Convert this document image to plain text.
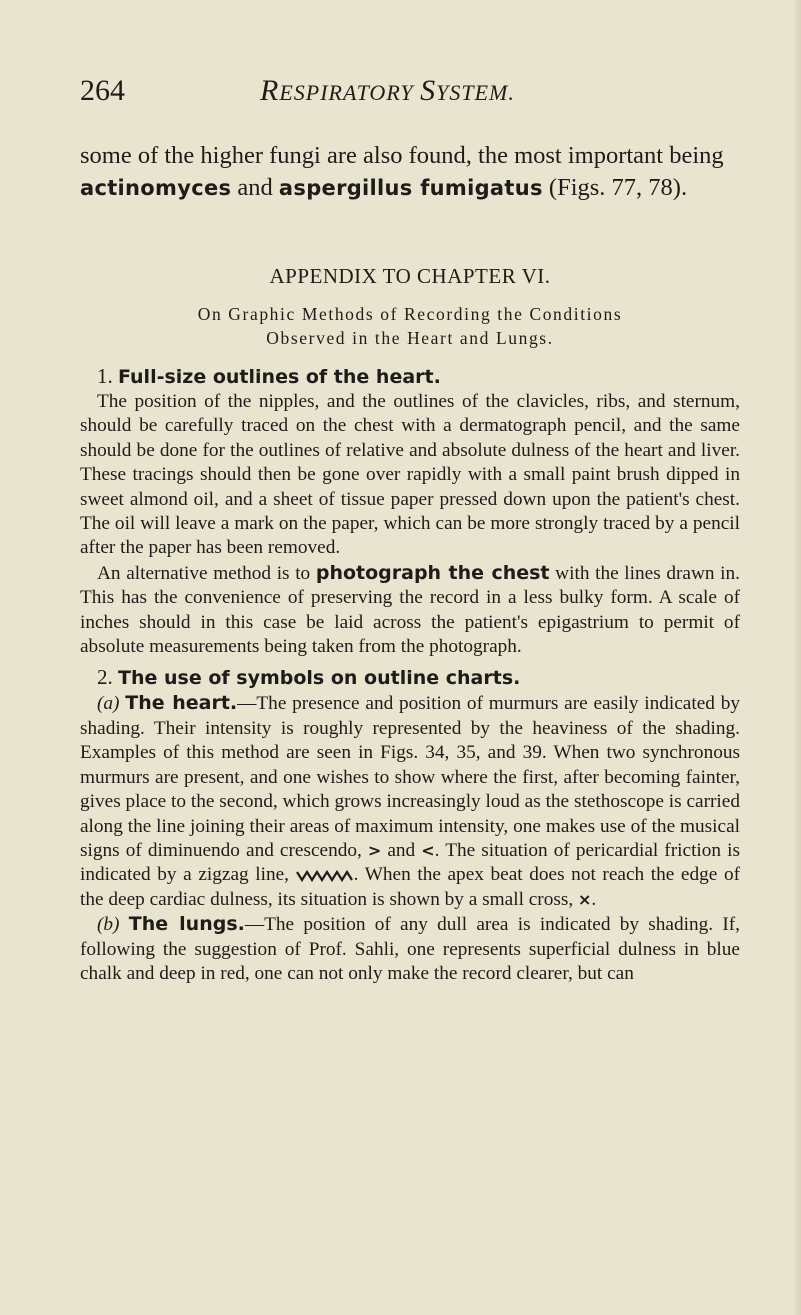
264	RESPIRATORY SYSTEM.

some of the higher fungi are also found, the most important being actinomyces and aspergillus fumigatus (Figs. 77, 78).

APPENDIX TO CHAPTER VI.

On Graphic Methods of Recording the Conditions
Observed in the Heart and Lungs.

1. Full-size outlines of the heart.

The position of the nipples, and the outlines of the clavicles, ribs, and sternum, should be carefully traced on the chest with a dermatograph pencil, and the same should be done for the outlines of relative and absolute dulness of the heart and liver. These tracings should then be gone over rapidly with a small paint brush dipped in sweet almond oil, and a sheet of tissue paper pressed down upon the patient's chest. The oil will leave a mark on the paper, which can be more strongly traced by a pencil after the paper has been removed.

An alternative method is to photograph the chest with the lines drawn in. This has the convenience of preserving the record in a less bulky form. A scale of inches should in this case be laid across the patient's epigastrium to permit of absolute measurements being taken from the photograph.

2. The use of symbols on outline charts.

(a) The heart.—The presence and position of murmurs are easily indicated by shading. Their intensity is roughly represented by the heaviness of the shading. Examples of this method are seen in Figs. 34, 35, and 39. When two synchronous murmurs are present, and one wishes to show where the first, after becoming fainter, gives place to the second, which grows increasingly loud as the stethoscope is carried along the line joining their areas of maximum intensity, one makes use of the musical signs of diminuendo and crescendo, > and <. The situation of pericardial friction is indicated by a zigzag line,	. When the apex beat does not reach the edge of the deep cardiac dulness, its situation is shown by a small cross, ×.

(b) The lungs.—The position of any dull area is indicated by shading. If, following the suggestion of Prof. Sahli, one represents superficial dulness in blue chalk and deep in red, one can not only make the record clearer, but can
